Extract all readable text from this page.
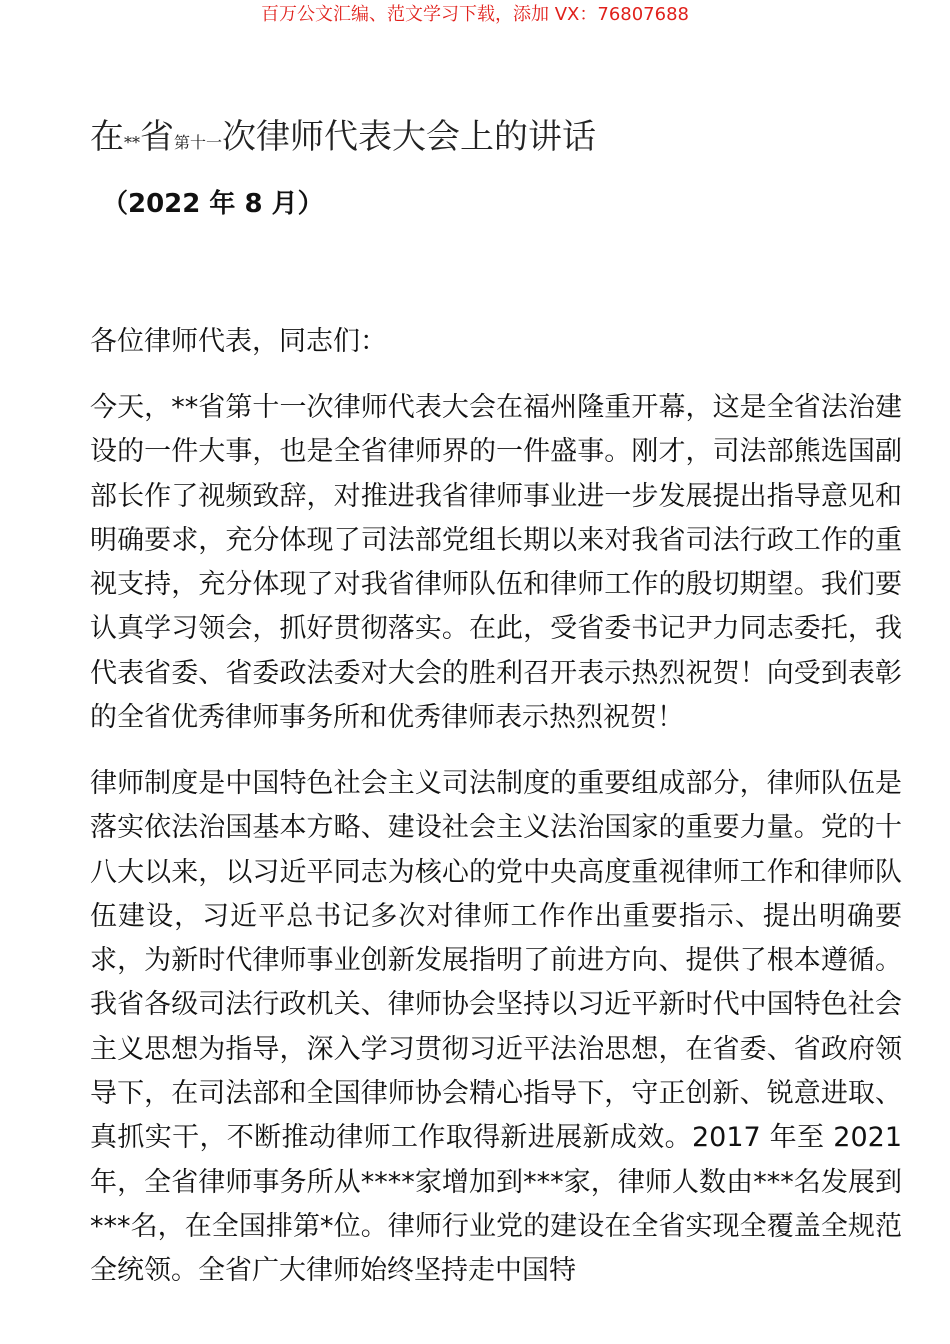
百万公文汇编、范文学习下载，添加 VX：76807688
在**省第十一次律师代表大会上的讲话
（2022 年 8 月）
各位律师代表，同志们：
今天，**省第十一次律师代表大会在福州隆重开幕，这是全省法治建设的一件大事，也是全省律师界的一件盛事。刚才，司法部熊选国副部长作了视频致辞，对推进我省律师事业进一步发展提出指导意见和明确要求，充分体现了司法部党组长期以来对我省司法行政工作的重视支持，充分体现了对我省律师队伍和律师工作的殷切期望。我们要认真学习领会，抓好贯彻落实。在此，受省委书记尹力同志委托，我代表省委、省委政法委对大会的胜利召开表示热烈祝贺！向受到表彰的全省优秀律师事务所和优秀律师表示热烈祝贺！
律师制度是中国特色社会主义司法制度的重要组成部分，律师队伍是落实依法治国基本方略、建设社会主义法治国家的重要力量。党的十八大以来，以习近平同志为核心的党中央高度重视律师工作和律师队伍建设，习近平总书记多次对律师工作作出重要指示、提出明确要求，为新时代律师事业创新发展指明了前进方向、提供了根本遵循。我省各级司法行政机关、律师协会坚持以习近平新时代中国特色社会主义思想为指导，深入学习贯彻习近平法治思想，在省委、省政府领导下，在司法部和全国律师协会精心指导下，守正创新、锐意进取、真抓实干，不断推动律师工作取得新进展新成效。2017 年至 2021 年，全省律师事务所从****家增加到***家，律师人数由***名发展到***名，在全国排第*位。律师行业党的建设在全省实现全覆盖全规范全统领。全省广大律师始终坚持走中国特
